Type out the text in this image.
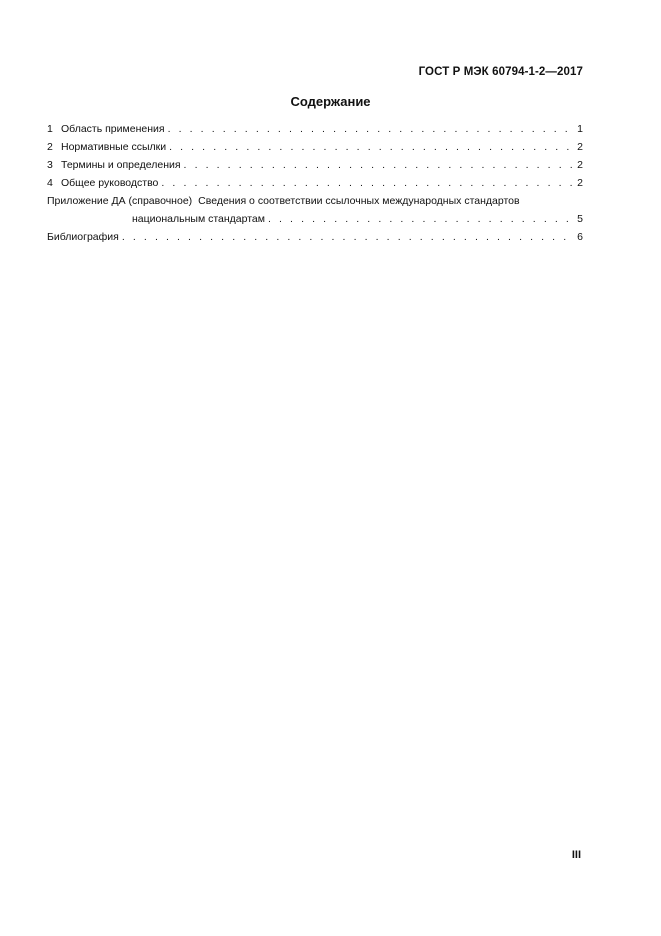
ГОСТ Р МЭК 60794-1-2—2017
Содержание
1 Область применения . . .	1
2 Нормативные ссылки . . .	2
3 Термины и определения . . .	2
4 Общее руководство . . .	2
Приложение ДА (справочное) Сведения о соответствии ссылочных международных стандартов
национальным стандартам . . .	5
Библиография . . .	6
III
